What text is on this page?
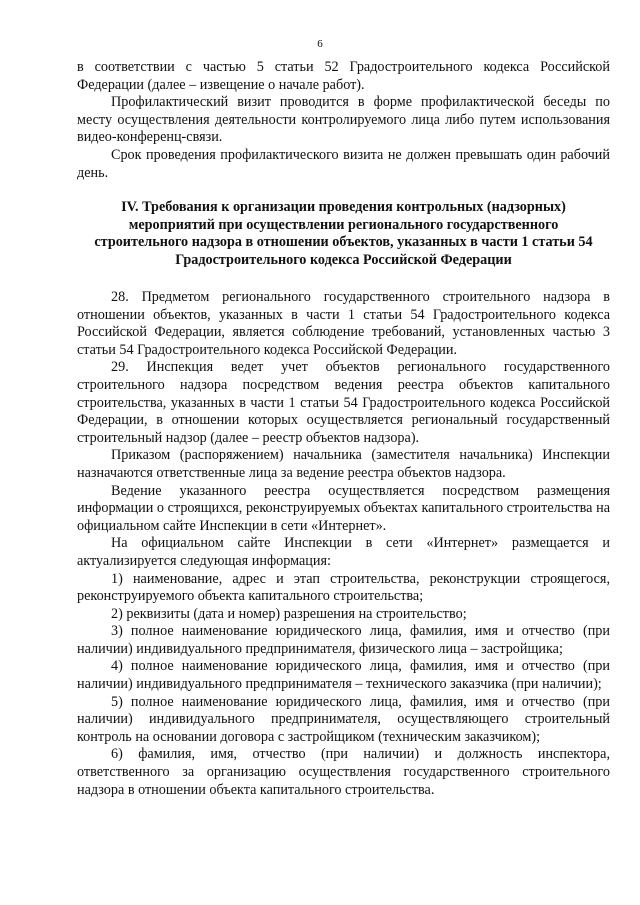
6

в соответствии с частью 5 статьи 52 Градостроительного кодекса Российской Федерации (далее – извещение о начале работ).

Профилактический визит проводится в форме профилактической беседы по месту осуществления деятельности контролируемого лица либо путем использования видео-конференц-связи.

Срок проведения профилактического визита не должен превышать один рабочий день.

IV. Требования к организации проведения контрольных (надзорных)
мероприятий при осуществлении регионального государственного
строительного надзора в отношении объектов, указанных в части 1 статьи 54
Градостроительного кодекса Российской Федерации

28. Предметом регионального государственного строительного надзора в отношении объектов, указанных в части 1 статьи 54 Градостроительного кодекса Российской Федерации, является соблюдение требований, установленных частью 3 статьи 54 Градостроительного кодекса Российской Федерации.

29. Инспекция ведет учет объектов регионального государственного строительного надзора посредством ведения реестра объектов капитального строительства, указанных в части 1 статьи 54 Градостроительного кодекса Российской Федерации, в отношении которых осуществляется региональный государственный строительный надзор (далее – реестр объектов надзора).

Приказом (распоряжением) начальника (заместителя начальника) Инспекции назначаются ответственные лица за ведение реестра объектов надзора.

Ведение указанного реестра осуществляется посредством размещения информации о строящихся, реконструируемых объектах капитального строительства на официальном сайте Инспекции в сети «Интернет».

На официальном сайте Инспекции в сети «Интернет» размещается и актуализируется следующая информация:

1) наименование, адрес и этап строительства, реконструкции строящегося, реконструируемого объекта капитального строительства;

2) реквизиты (дата и номер) разрешения на строительство;

3) полное наименование юридического лица, фамилия, имя и отчество (при наличии) индивидуального предпринимателя, физического лица – застройщика;

4) полное наименование юридического лица, фамилия, имя и отчество (при наличии) индивидуального предпринимателя – технического заказчика (при наличии);

5) полное наименование юридического лица, фамилия, имя и отчество (при наличии) индивидуального предпринимателя, осуществляющего строительный контроль на основании договора с застройщиком (техническим заказчиком);

6) фамилия, имя, отчество (при наличии) и должность инспектора, ответственного за организацию осуществления государственного строительного надзора в отношении объекта капитального строительства.
